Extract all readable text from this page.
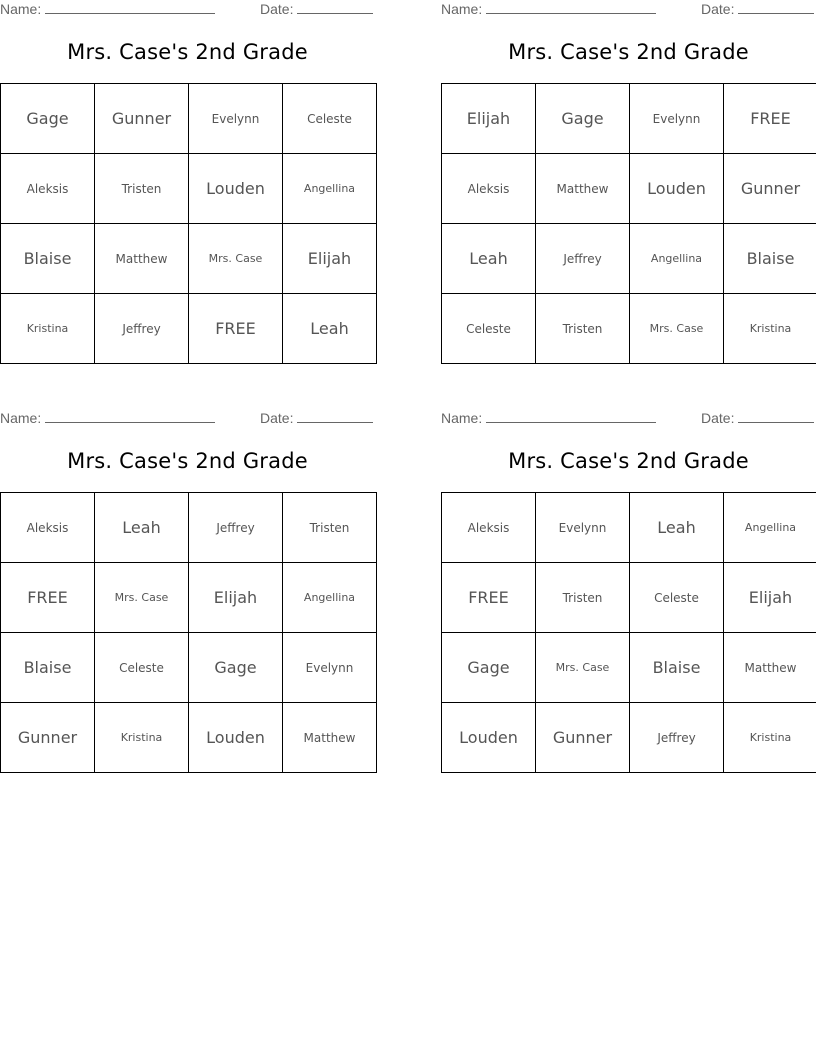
Name:	Date:
Mrs. Case's 2nd Grade
Gage	Gunner	Evelynn	Celeste
Aleksis	Tristen	Louden	Angellina
Blaise	Matthew	Mrs. Case	Elijah
Kristina	Jeffrey	FREE	Leah
Name:	Date:
Mrs. Case's 2nd Grade
Elijah	Gage	Evelynn	FREE
Aleksis	Matthew	Louden	Gunner
Leah	Jeffrey	Angellina	Blaise
Celeste	Tristen	Mrs. Case	Kristina
Name:	Date:
Mrs. Case's 2nd Grade
Aleksis	Leah	Jeffrey	Tristen
FREE	Mrs. Case	Elijah	Angellina
Blaise	Celeste	Gage	Evelynn
Gunner	Kristina	Louden	Matthew
Name:	Date:
Mrs. Case's 2nd Grade
Aleksis	Evelynn	Leah	Angellina
FREE	Tristen	Celeste	Elijah
Gage	Mrs. Case	Blaise	Matthew
Louden	Gunner	Jeffrey	Kristina
